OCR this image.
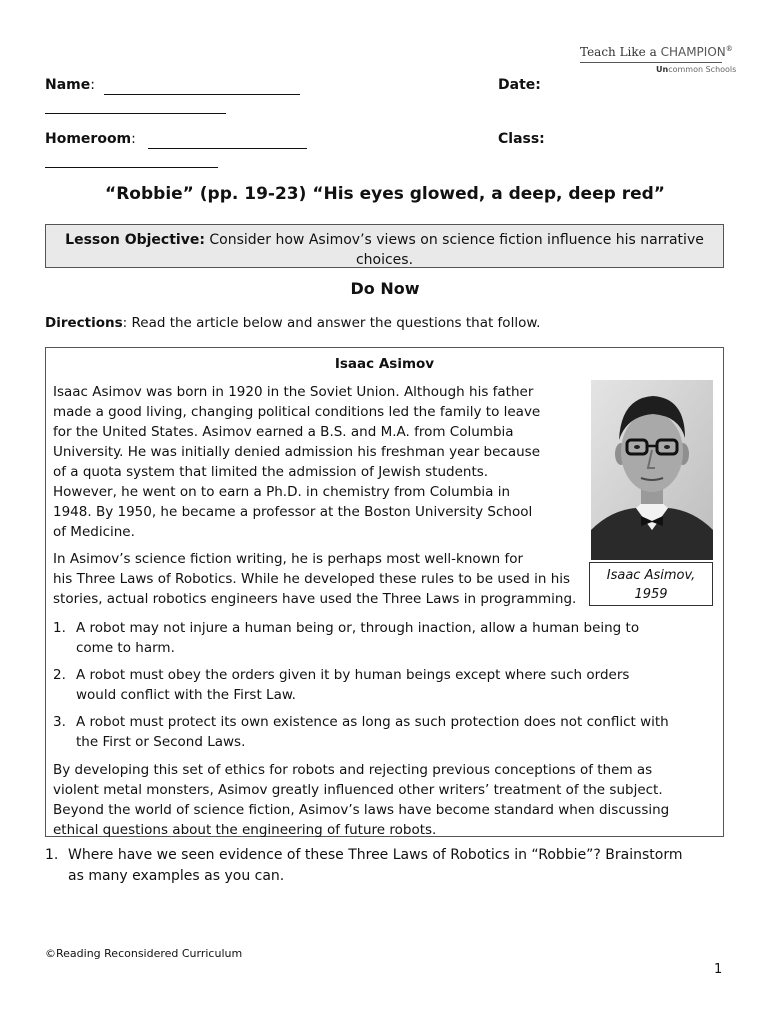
Teach Like a CHAMPION®
Uncommon Schools
Name:	Date:
Homeroom:	Class:
“Robbie” (pp. 19-23) “His eyes glowed, a deep, deep red”
Lesson Objective: Consider how Asimov’s views on science fiction influence his narrative choices.
Do Now
Directions: Read the article below and answer the questions that follow.
Isaac Asimov
Isaac Asimov was born in 1920 in the Soviet Union. Although his father
made a good living, changing political conditions led the family to leave
for the United States. Asimov earned a B.S. and M.A. from Columbia
University. He was initially denied admission his freshman year because
of a quota system that limited the admission of Jewish students.
However, he went on to earn a Ph.D. in chemistry from Columbia in
1948. By 1950, he became a professor at the Boston University School
of Medicine.
In Asimov’s science fiction writing, he is perhaps most well-known for
his Three Laws of Robotics. While he developed these rules to be used in his
stories, actual robotics engineers have used the Three Laws in programming.
1. A robot may not injure a human being or, through inaction, allow a human being to
come to harm.
2. A robot must obey the orders given it by human beings except where such orders
would conflict with the First Law.
3. A robot must protect its own existence as long as such protection does not conflict with
the First or Second Laws.
By developing this set of ethics for robots and rejecting previous conceptions of them as
violent metal monsters, Asimov greatly influenced other writers’ treatment of the subject.
Beyond the world of science fiction, Asimov’s laws have become standard when discussing
ethical questions about the engineering of future robots.
Isaac Asimov, 1959
1. Where have we seen evidence of these Three Laws of Robotics in “Robbie”? Brainstorm
as many examples as you can.
©Reading Reconsidered Curriculum
1
